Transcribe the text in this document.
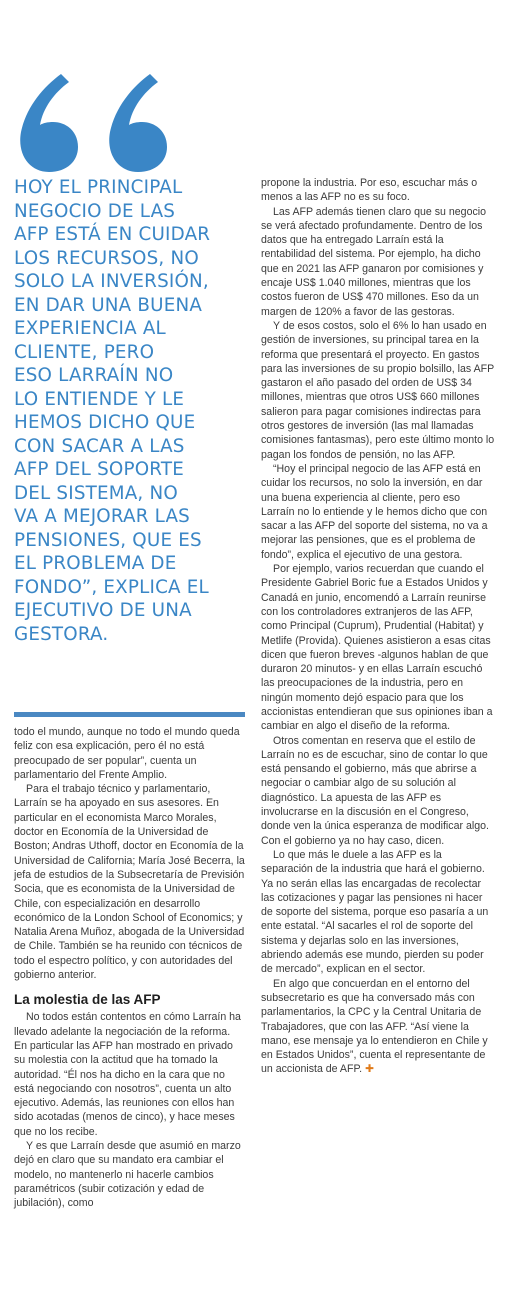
HOY EL PRINCIPAL
NEGOCIO DE LAS
AFP ESTÁ EN CUIDAR
LOS RECURSOS, NO
SOLO LA INVERSIÓN,
EN DAR UNA BUENA
EXPERIENCIA AL
CLIENTE, PERO
ESO LARRAÍN NO
LO ENTIENDE Y LE
HEMOS DICHO QUE
CON SACAR A LAS
AFP DEL SOPORTE
DEL SISTEMA, NO
VA A MEJORAR LAS
PENSIONES, QUE ES
EL PROBLEMA DE
FONDO”, EXPLICA EL
EJECUTIVO DE UNA
GESTORA.

todo el mundo, aunque no todo el mundo queda feliz con esa explicación, pero él no está preocupado de ser popular”, cuenta un parlamentario del Frente Amplio.

Para el trabajo técnico y parlamentario, Larraín se ha apoyado en sus asesores. En particular en el economista Marco Morales, doctor en Economía de la Universidad de Boston; Andras Uthoff, doctor en Economía de la Universidad de California; María José Becerra, la jefa de estudios de la Subsecretaría de Previsión Socia, que es economista de la Universidad de Chile, con especialización en desarrollo económico de la London School of Economics; y Natalia Arena Muñoz, abogada de la Universidad de Chile. También se ha reunido con técnicos de todo el espectro político, y con autoridades del gobierno anterior.

La molestia de las AFP

No todos están contentos en cómo Larraín ha llevado adelante la negociación de la reforma. En particular las AFP han mostrado en privado su molestia con la actitud que ha tomado la autoridad. “Él nos ha dicho en la cara que no está negociando con nosotros”, cuenta un alto ejecutivo. Además, las reuniones con ellos han sido acotadas (menos de cinco), y hace meses que no los recibe.

Y es que Larraín desde que asumió en marzo dejó en claro que su mandato era cambiar el modelo, no mantenerlo ni hacerle cambios paramétricos (subir cotización y edad de jubilación), como

propone la industria. Por eso, escuchar más o menos a las AFP no es su foco.

Las AFP además tienen claro que su negocio se verá afectado profundamente. Dentro de los datos que ha entregado Larraín está la rentabilidad del sistema. Por ejemplo, ha dicho que en 2021 las AFP ganaron por comisiones y encaje US$ 1.040 millones, mientras que los costos fueron de US$ 470 millones. Eso da un margen de 120% a favor de las gestoras.

Y de esos costos, solo el 6% lo han usado en gestión de inversiones, su principal tarea en la reforma que presentará el proyecto. En gastos para las inversiones de su propio bolsillo, las AFP gastaron el año pasado del orden de US$ 34 millones, mientras que otros US$ 660 millones salieron para pagar comisiones indirectas para otros gestores de inversión (las mal llamadas comisiones fantasmas), pero este último monto lo pagan los fondos de pensión, no las AFP.

“Hoy el principal negocio de las AFP está en cuidar los recursos, no solo la inversión, en dar una buena experiencia al cliente, pero eso Larraín no lo entiende y le hemos dicho que con sacar a las AFP del soporte del sistema, no va a mejorar las pensiones, que es el problema de fondo”, explica el ejecutivo de una gestora.

Por ejemplo, varios recuerdan que cuando el Presidente Gabriel Boric fue a Estados Unidos y Canadá en junio, encomendó a Larraín reunirse con los controladores extranjeros de las AFP, como Principal (Cuprum), Prudential (Habitat) y Metlife (Provida). Quienes asistieron a esas citas dicen que fueron breves -algunos hablan de que duraron 20 minutos- y en ellas Larraín escuchó las preocupaciones de la industria, pero en ningún momento dejó espacio para que los accionistas entendieran que sus opiniones iban a cambiar en algo el diseño de la reforma.

Otros comentan en reserva que el estilo de Larraín no es de escuchar, sino de contar lo que está pensando el gobierno, más que abrirse a negociar o cambiar algo de su solución al diagnóstico. La apuesta de las AFP es involucrarse en la discusión en el Congreso, donde ven la única esperanza de modificar algo. Con el gobierno ya no hay caso, dicen.

Lo que más le duele a las AFP es la separación de la industria que hará el gobierno. Ya no serán ellas las encargadas de recolectar las cotizaciones y pagar las pensiones ni hacer de soporte del sistema, porque eso pasaría a un ente estatal. “Al sacarles el rol de soporte del sistema y dejarlas solo en las inversiones, abriendo además ese mundo, pierden su poder de mercado”, explican en el sector.

En algo que concuerdan en el entorno del subsecretario es que ha conversado más con parlamentarios, la CPC y la Central Unitaria de Trabajadores, que con las AFP. “Así viene la mano, ese mensaje ya lo entendieron en Chile y en Estados Unidos”, cuenta el representante de un accionista de AFP. ✚
